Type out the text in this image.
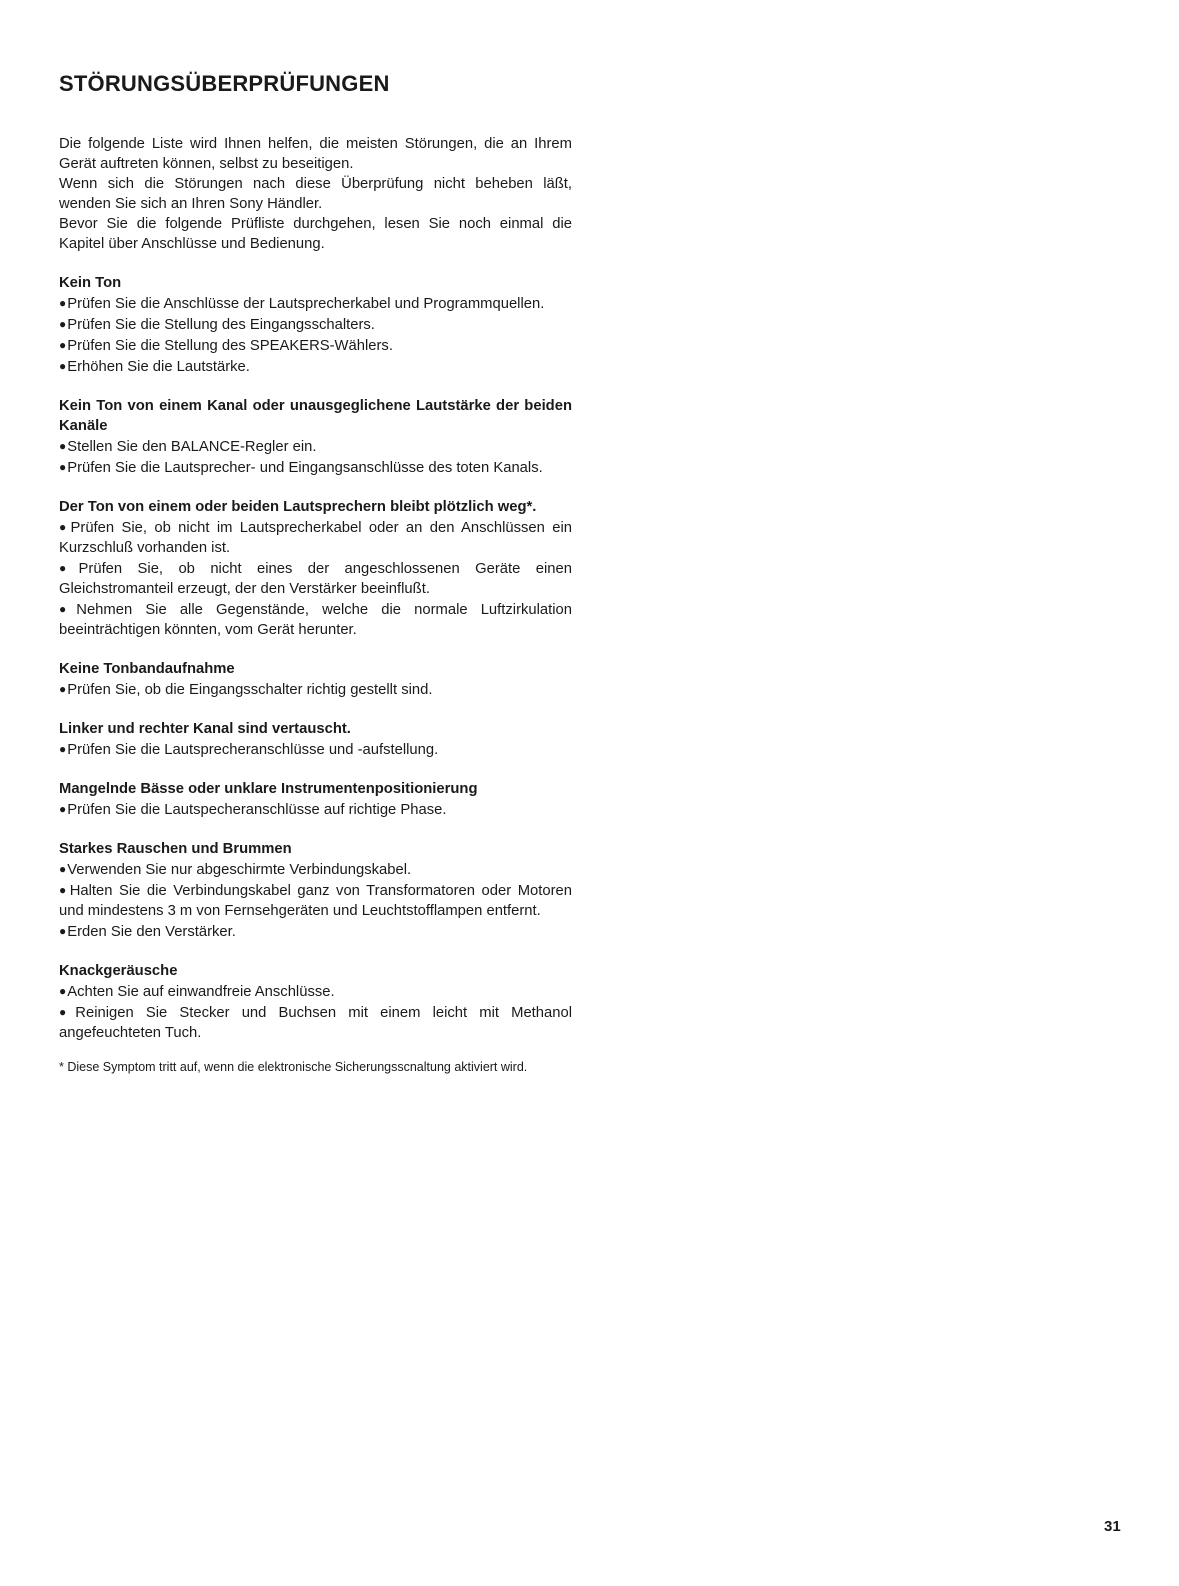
STÖRUNGSÜBERPRÜFUNGEN

Die folgende Liste wird Ihnen helfen, die meisten Störungen, die an Ihrem Gerät auftreten können, selbst zu beseitigen.

Wenn sich die Störungen nach diese Überprüfung nicht beheben läßt, wenden Sie sich an Ihren Sony Händler.

Bevor Sie die folgende Prüfliste durchgehen, lesen Sie noch einmal die Kapitel über Anschlüsse und Bedienung.

Kein Ton

●Prüfen Sie die Anschlüsse der Lautsprecherkabel und Programmquellen.

●Prüfen Sie die Stellung des Eingangsschalters.

●Prüfen Sie die Stellung des SPEAKERS-Wählers.

●Erhöhen Sie die Lautstärke.

Kein Ton von einem Kanal oder unausgeglichene Lautstärke der beiden Kanäle

●Stellen Sie den BALANCE-Regler ein.

●Prüfen Sie die Lautsprecher- und Eingangsanschlüsse des toten Kanals.

Der Ton von einem oder beiden Lautsprechern bleibt plötzlich weg*.

●Prüfen Sie, ob nicht im Lautsprecherkabel oder an den Anschlüssen ein Kurzschluß vorhanden ist.

●Prüfen Sie, ob nicht eines der angeschlossenen Geräte einen Gleichstromanteil erzeugt, der den Verstärker beeinflußt.

●Nehmen Sie alle Gegenstände, welche die normale Luftzirkulation beeinträchtigen könnten, vom Gerät herunter.

Keine Tonbandaufnahme

●Prüfen Sie, ob die Eingangsschalter richtig gestellt sind.

Linker und rechter Kanal sind vertauscht.

●Prüfen Sie die Lautsprecheranschlüsse und -aufstellung.

Mangelnde Bässe oder unklare Instrumentenpositionierung

●Prüfen Sie die Lautspecheranschlüsse auf richtige Phase.

Starkes Rauschen und Brummen

●Verwenden Sie nur abgeschirmte Verbindungskabel.

●Halten Sie die Verbindungskabel ganz von Transformatoren oder Motoren und mindestens 3 m von Fernsehgeräten und Leuchtstofflampen entfernt.

●Erden Sie den Verstärker.

Knackgeräusche

●Achten Sie auf einwandfreie Anschlüsse.

●Reinigen Sie Stecker und Buchsen mit einem leicht mit Methanol angefeuchteten Tuch.

* Diese Symptom tritt auf, wenn die elektronische Sicherungsscnaltung aktiviert wird.

31
